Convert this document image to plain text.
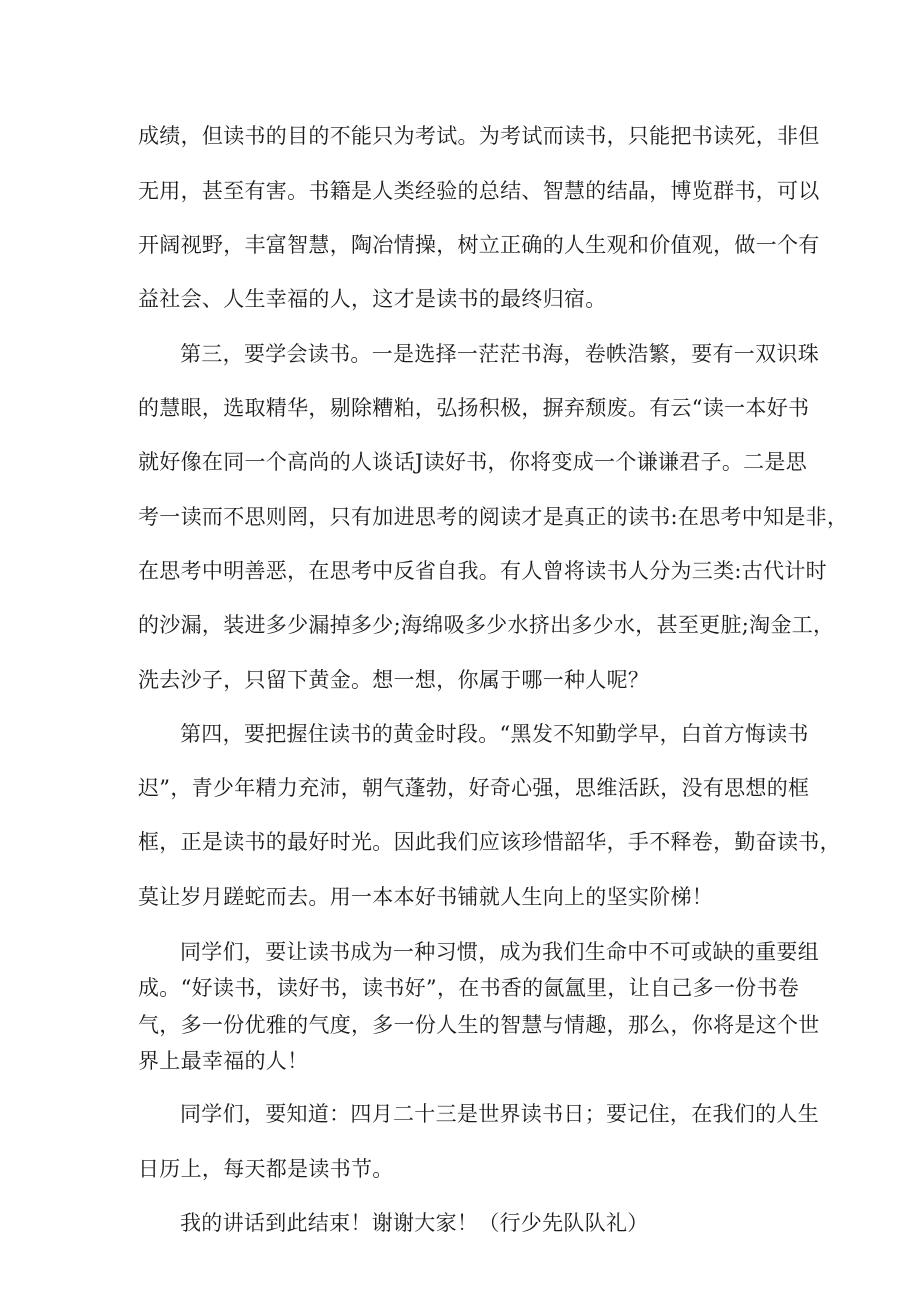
成绩，但读书的目的不能只为考试。为考试而读书，只能把书读死，非但

无用，甚至有害。书籍是人类经验的总结、智慧的结晶，博览群书，可以

开阔视野，丰富智慧，陶冶情操，树立正确的人生观和价值观，做一个有

益社会、人生幸福的人，这才是读书的最终归宿。

第三，要学会读书。一是选择一茫茫书海，卷帙浩繁，要有一双识珠

的慧眼，选取精华，剔除糟粕，弘扬积极，摒弃颓废。有云“读一本好书

就好像在同一个高尚的人谈话J读好书，你将变成一个谦谦君子。二是思

考一读而不思则罔，只有加进思考的阅读才是真正的读书:在思考中知是非，

在思考中明善恶，在思考中反省自我。有人曾将读书人分为三类:古代计时

的沙漏，装进多少漏掉多少;海绵吸多少水挤出多少水，甚至更脏;淘金工，

洗去沙子，只留下黄金。想一想，你属于哪一种人呢？

第四，要把握住读书的黄金时段。“黑发不知勤学早，白首方悔读书

迟”，青少年精力充沛，朝气蓬勃，好奇心强，思维活跃，没有思想的框

框，正是读书的最好时光。因此我们应该珍惜韶华，手不释卷，勤奋读书，

莫让岁月蹉蛇而去。用一本本好书铺就人生向上的坚实阶梯！

同学们，要让读书成为一种习惯，成为我们生命中不可或缺的重要组

成。“好读书，读好书，读书好”，在书香的氤氲里，让自己多一份书卷

气，多一份优雅的气度，多一份人生的智慧与情趣，那么，你将是这个世

界上最幸福的人！

同学们，要知道：四月二十三是世界读书日；要记住，在我们的人生

日历上，每天都是读书节。

我的讲话到此结束！谢谢大家！（行少先队队礼）
